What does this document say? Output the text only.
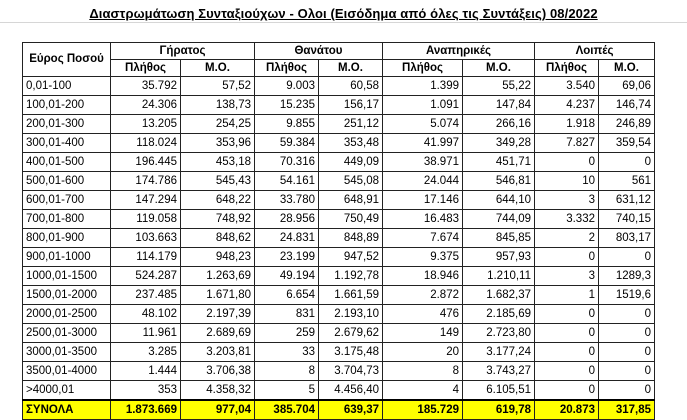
Διαστρωμάτωση Συνταξιούχων - Ολοι (Εισόδημα από όλες τις Συντάξεις) 08/2022
Εύρος Ποσού	Γήρατος		Θανάτου		Αναπηρικές		Λοιπές	
	Πλήθος	Μ.Ο.	Πλήθος	Μ.Ο.	Πλήθος	Μ.Ο.	Πλήθος	Μ.Ο.
0,01-100	35.792	57,52	9.003	60,58	1.399	55,22	3.540	69,06
100,01-200	24.306	138,73	15.235	156,17	1.091	147,84	4.237	146,74
200,01-300	13.205	254,25	9.855	251,12	5.074	266,16	1.918	246,89
300,01-400	118.024	353,96	59.384	353,48	41.997	349,28	7.827	359,54
400,01-500	196.445	453,18	70.316	449,09	38.971	451,71	0	0
500,01-600	174.786	545,43	54.161	545,08	24.044	546,81	10	561
600,01-700	147.294	648,22	33.780	648,91	17.146	644,10	3	631,12
700,01-800	119.058	748,92	28.956	750,49	16.483	744,09	3.332	740,15
800,01-900	103.663	848,62	24.831	848,89	7.674	845,85	2	803,17
900,01-1000	114.179	948,23	23.199	947,52	9.375	957,93	0	0
1000,01-1500	524.287	1.263,69	49.194	1.192,78	18.946	1.210,11	3	1289,3
1500,01-2000	237.485	1.671,80	6.654	1.661,59	2.872	1.682,37	1	1519,6
2000,01-2500	48.102	2.197,39	831	2.193,10	476	2.185,69	0	0
2500,01-3000	11.961	2.689,69	259	2.679,62	149	2.723,80	0	0
3000,01-3500	3.285	3.203,81	33	3.175,48	20	3.177,24	0	0
3500,01-4000	1.444	3.706,38	8	3.704,73	8	3.743,27	0	0
>4000,01	353	4.358,32	5	4.456,40	4	6.105,51	0	0
ΣΥΝΟΛΑ	1.873.669	977,04	385.704	639,37	185.729	619,78	20.873	317,85
